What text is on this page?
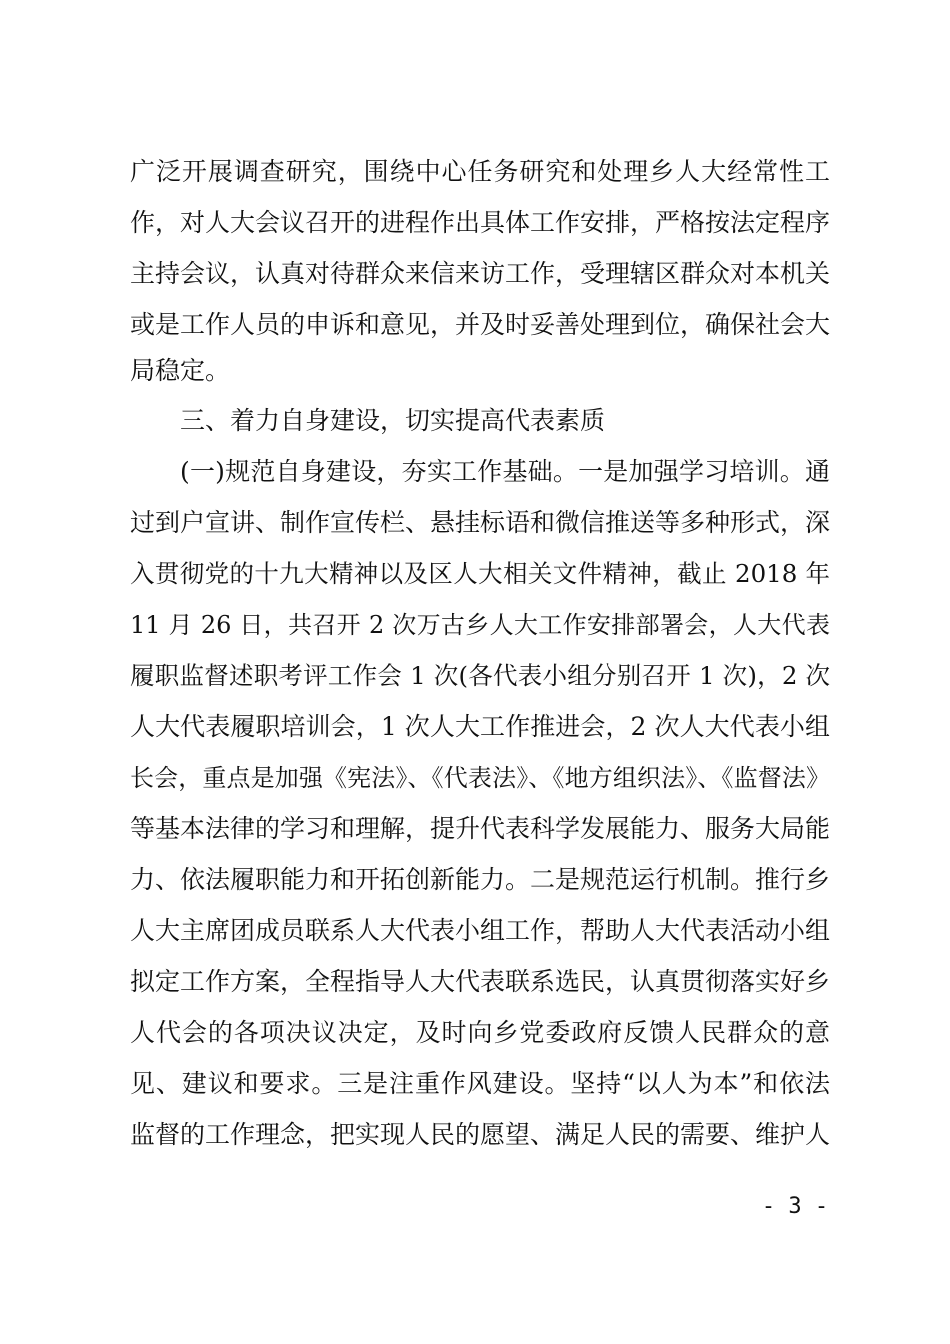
广泛开展调查研究，围绕中心任务研究和处理乡人大经常性工
作，对人大会议召开的进程作出具体工作安排，严格按法定程序
主持会议，认真对待群众来信来访工作，受理辖区群众对本机关
或是工作人员的申诉和意见，并及时妥善处理到位，确保社会大
局稳定。
三、着力自身建设，切实提高代表素质
(一)规范自身建设，夯实工作基础。一是加强学习培训。通
过到户宣讲、制作宣传栏、悬挂标语和微信推送等多种形式，深
入贯彻党的十九大精神以及区人大相关文件精神，截止 2018 年
11 月 26 日，共召开 2 次万古乡人大工作安排部署会，人大代表
履职监督述职考评工作会 1 次(各代表小组分别召开 1 次)，2 次
人大代表履职培训会，1 次人大工作推进会，2 次人大代表小组
长会，重点是加强《宪法》、《代表法》、《地方组织法》、《监督法》
等基本法律的学习和理解，提升代表科学发展能力、服务大局能
力、依法履职能力和开拓创新能力。二是规范运行机制。推行乡
人大主席团成员联系人大代表小组工作，帮助人大代表活动小组
拟定工作方案，全程指导人大代表联系选民，认真贯彻落实好乡
人代会的各项决议决定，及时向乡党委政府反馈人民群众的意
见、建议和要求。三是注重作风建设。坚持“以人为本”和依法
监督的工作理念，把实现人民的愿望、满足人民的需要、维护人
- 3 -
